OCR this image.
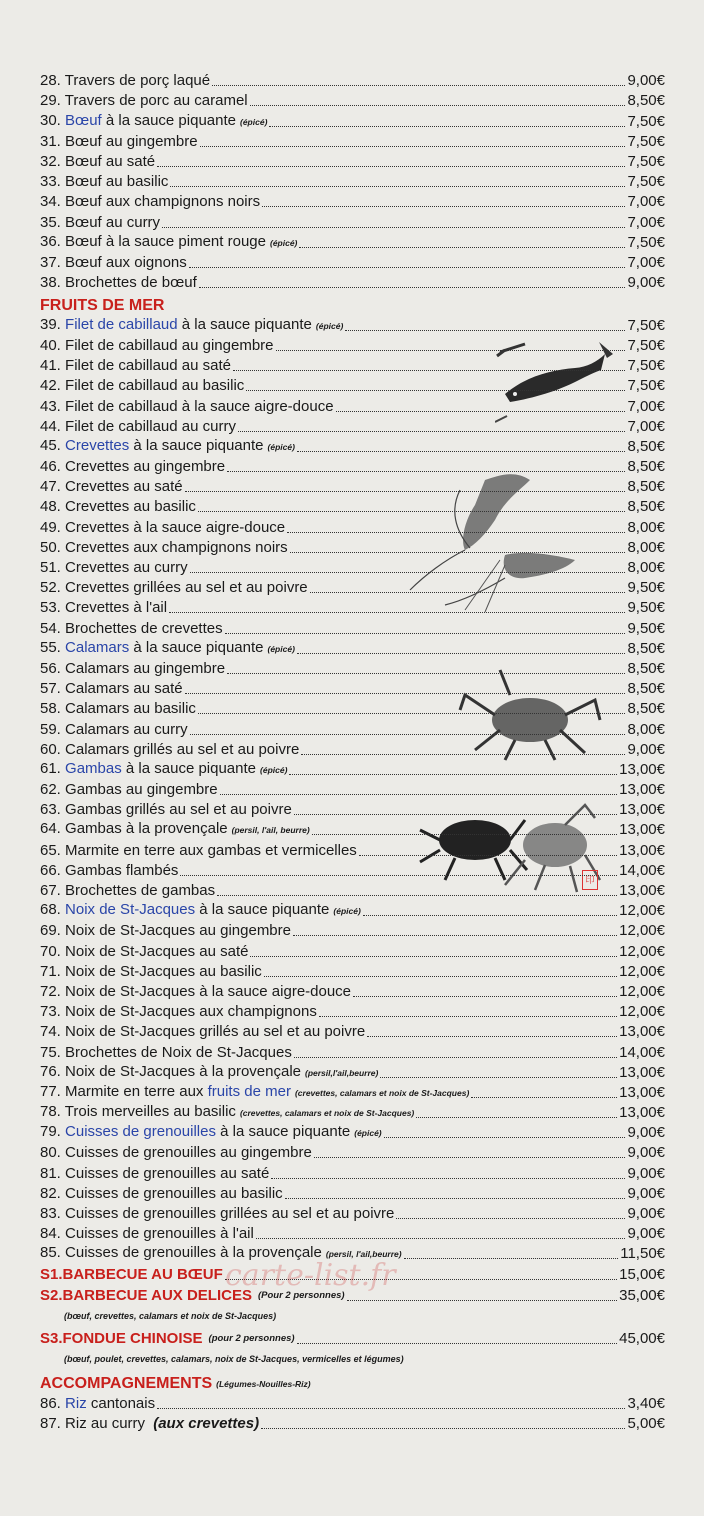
印
28. Travers de porç laqué	9,00€
29. Travers de porc au caramel	8,50€
30. Bœuf à la sauce piquante (épicé)	7,50€
31. Bœuf au gingembre	7,50€
32. Bœuf au saté	7,50€
33. Bœuf au basilic	7,50€
34. Bœuf aux champignons noirs	7,00€
35. Bœuf au curry	7,00€
36. Bœuf à la sauce piment rouge (épicé)	7,50€
37. Bœuf aux oignons	7,00€
38. Brochettes de bœuf	9,00€
FRUITS DE MER
39. Filet de cabillaud à la sauce piquante (épicé)	7,50€
40. Filet de cabillaud au gingembre	7,50€
41. Filet de cabillaud au saté	7,50€
42. Filet de cabillaud au basilic	7,50€
43. Filet de cabillaud à la sauce aigre-douce	7,00€
44. Filet de cabillaud au curry	7,00€
45. Crevettes à la sauce piquante (épicé)	8,50€
46. Crevettes au gingembre	8,50€
47. Crevettes au saté	8,50€
48. Crevettes au basilic	8,50€
49. Crevettes à la sauce aigre-douce	8,00€
50. Crevettes aux champignons noirs	8,00€
51. Crevettes au curry	8,00€
52. Crevettes grillées au sel et au poivre	9,50€
53. Crevettes à l'ail	9,50€
54. Brochettes de crevettes	9,50€
55. Calamars à la sauce piquante (épicé)	8,50€
56. Calamars au gingembre	8,50€
57. Calamars au saté	8,50€
58. Calamars au basilic	8,50€
59. Calamars au curry	8,00€
60. Calamars grillés au sel et au poivre	9,00€
61. Gambas à la sauce piquante (épicé)	13,00€
62. Gambas au gingembre	13,00€
63. Gambas grillés au sel et au poivre	13,00€
64. Gambas à la provençale (persil, l'ail, beurre)	13,00€
65. Marmite en terre aux gambas et vermicelles	13,00€
66. Gambas flambés	14,00€
67. Brochettes de gambas	13,00€
68. Noix de St-Jacques à la sauce piquante (épicé)	12,00€
69. Noix de St-Jacques au gingembre	12,00€
70. Noix de St-Jacques au saté	12,00€
71. Noix de St-Jacques au basilic	12,00€
72. Noix de St-Jacques à la sauce aigre-douce	12,00€
73. Noix de St-Jacques aux champignons	12,00€
74. Noix de St-Jacques grillés au sel et au poivre	13,00€
75. Brochettes de Noix de St-Jacques	14,00€
76. Noix de St-Jacques à la provençale (persil,l'ail,beurre)	13,00€
77. Marmite en terre aux fruits de mer (crevettes, calamars et noix de St-Jacques)	13,00€
78. Trois merveilles au basilic (crevettes, calamars et noix de St-Jacques)	13,00€
79. Cuisses de grenouilles à la sauce piquante (épicé)	9,00€
80. Cuisses de grenouilles au gingembre	9,00€
81. Cuisses de grenouilles au saté	9,00€
82. Cuisses de grenouilles au basilic	9,00€
83. Cuisses de grenouilles grillées au sel et au poivre	9,00€
84. Cuisses de grenouilles à l'ail	9,00€
85. Cuisses de grenouilles à la provençale (persil, l'ail,beurre)	11,50€
S1.BARBECUE AU BŒUF	15,00€
S2.BARBECUE AUX DELICES (Pour 2 personnes)	35,00€
(bœuf, crevettes, calamars et noix de St-Jacques)
S3.FONDUE CHINOISE (pour 2 personnes)	45,00€
(bœuf, poulet, crevettes, calamars, noix de St-Jacques, vermicelles et légumes)
ACCOMPAGNEMENTS (Légumes-Nouilles-Riz)
86. Riz cantonais	3,40€
87. Riz au curry (aux crevettes)	5,00€
carte-list.fr
